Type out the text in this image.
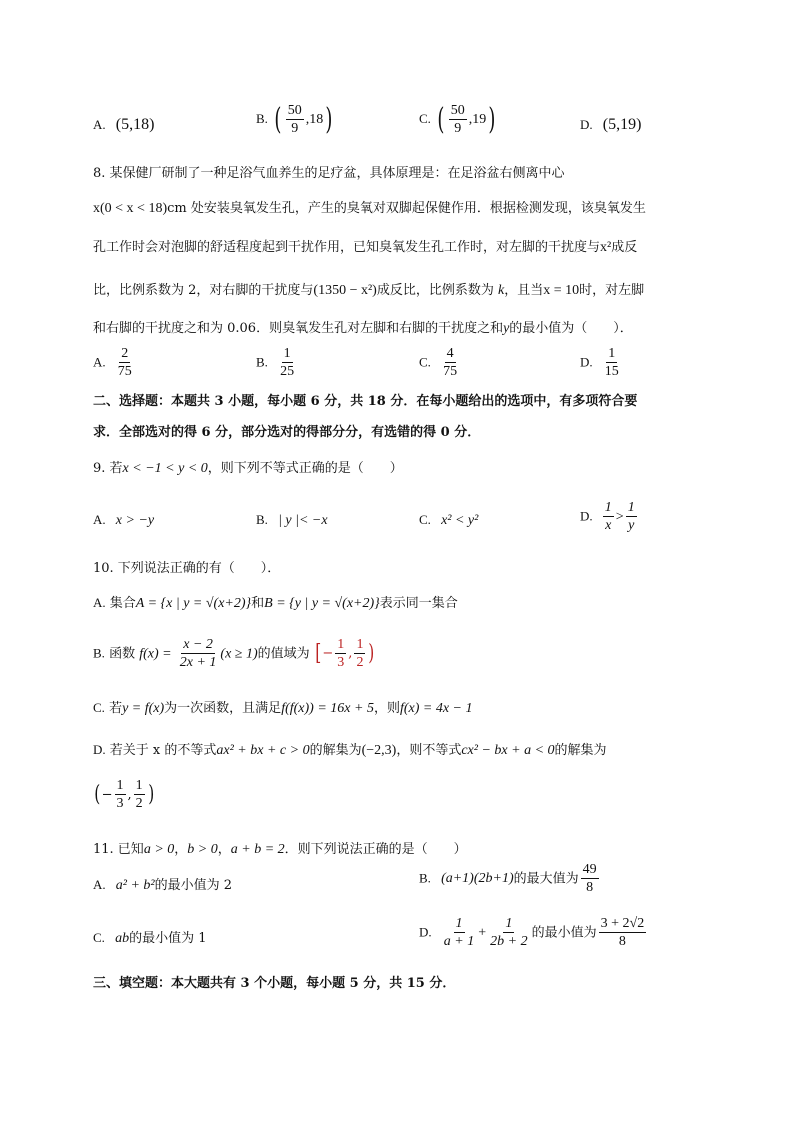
A. (5,18)	B. ( $\frac{50}{9} ,18$)	C. ( $\frac{50}{9} ,19$)	D. (5,19)
8. 某保健厂研制了一种足浴气血养生的足疗盆，具体原理是：在足浴盆右侧离中心
x(0 < x < 18)cm 处安装臭氧发生孔，产生的臭氧对双脚起保健作用．根据检测发现，该臭氧发生
孔工作时会对泡脚的舒适程度起到干扰作用，已知臭氧发生孔工作时，对左脚的干扰度与x²成反
比，比例系数为 2，对右脚的干扰度与(1350 − x²)成反比，比例系数为 k，且当x = 10时，对左脚
和右脚的干扰度之和为 0.06．则臭氧发生孔对左脚和右脚的干扰度之和y的最小值为（　　）．
A. $\frac{2}{75}$	B. $\frac{1}{25}$	C. $\frac{4}{75}$	D. $\frac{1}{15}$
二、选择题：本题共 3 小题，每小题 6 分，共 18 分．在每小题给出的选项中，有多项符合要
求．全部选对的得 6 分，部分选对的得部分分，有选错的得 0 分．
9. 若x < −1 < y < 0，则下列不等式正确的是（　　）
A. x > −y	B. | y |< −x	C. x² < y²	D. $\frac{1}{x} > \frac{1}{y}$
10. 下列说法正确的有（　　）．
A. 集合A = {x | y = √(x+2)}和B = {y | y = √(x+2)}表示同一集合
B. 函数 $f(x) = \frac{x - 2}{2x + 1} (x \ge 1)$的值域为 [− $\frac{1}{3}$ , $\frac{1}{2}$ )
C. 若y = f(x)为一次函数，且满足f(f(x)) = 16x + 5，则f(x) = 4x − 1
D. 若关于 x 的不等式ax² + bx + c > 0的解集为(−2,3)，则不等式cx² − bx + a < 0的解集为
(− $\frac{1}{3}$ , $\frac{1}{2}$ )
11. 已知a > 0，b > 0，a + b = 2．则下列说法正确的是（　　）
A. a² + b²的最小值为 2
B. (a+1)(2b+1)的最大值为 $\frac{49}{8}$
C. ab的最小值为 1	D. $\frac{1}{a + 1} + \frac{1}{2b + 2}$ 的最小值为 $\frac{3 + 2√2}{8}$
三、填空题：本大题共有 3 个小题，每小题 5 分，共 15 分．
